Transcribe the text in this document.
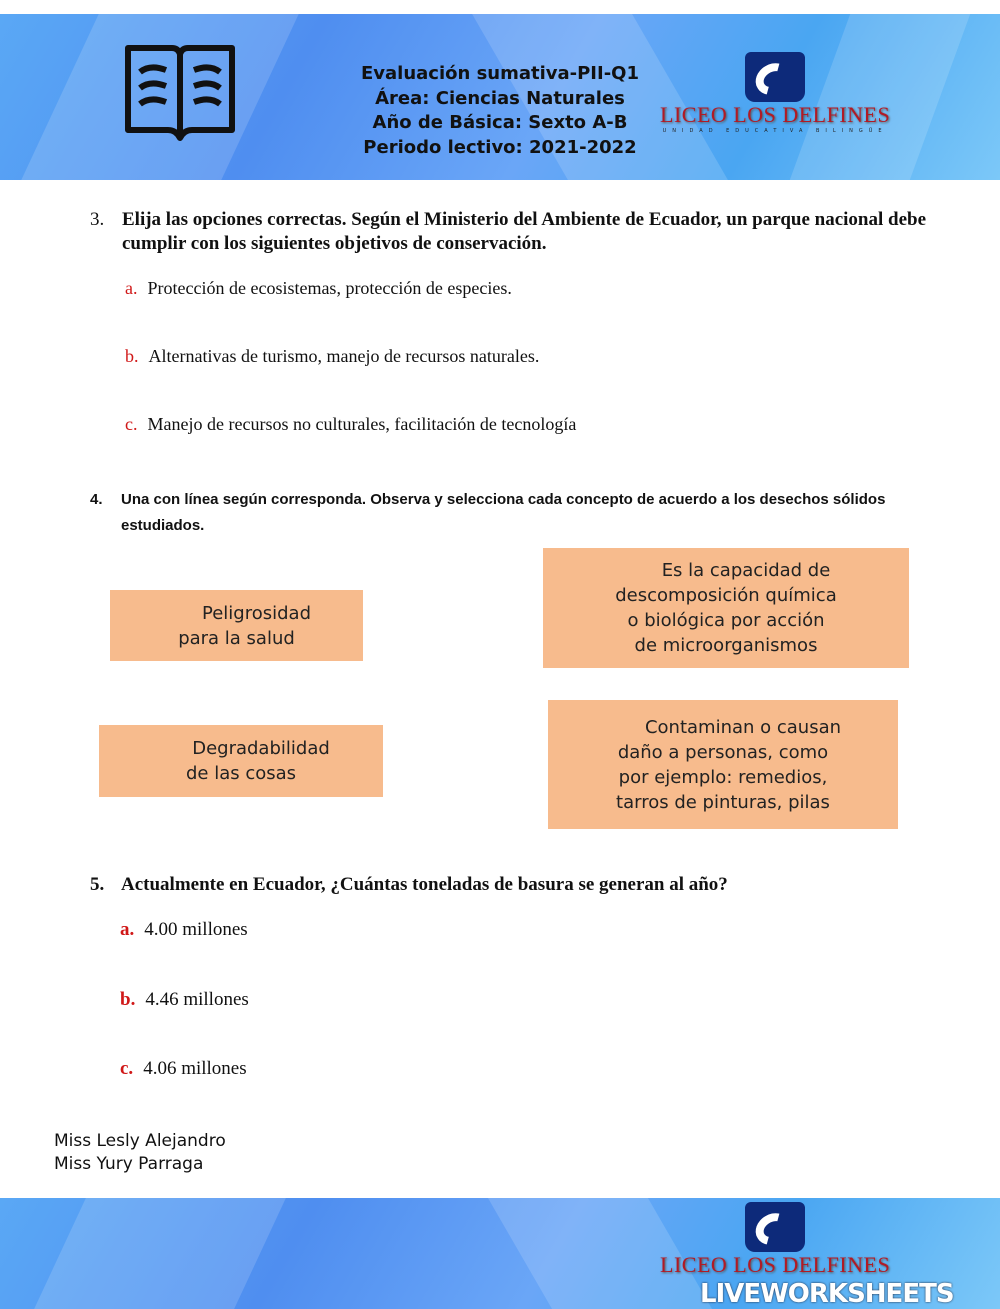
Evaluación sumativa-PII-Q1
Área: Ciencias Naturales
Año de Básica: Sexto A-B
Periodo lectivo: 2021-2022
LICEO LOS DELFINES
UNIDAD EDUCATIVA BILINGÜE
3. Elija las opciones correctas. Según el Ministerio del Ambiente de Ecuador, un parque nacional debe cumplir con los siguientes objetivos de conservación.
a. Protección de ecosistemas, protección de especies.
b. Alternativas de turismo, manejo de recursos naturales.
c. Manejo de recursos no culturales, facilitación de tecnología
4. Una con línea según corresponda. Observa y selecciona cada concepto de acuerdo a los desechos sólidos estudiados.
Peligrosidad
para la salud
Degradabilidad
de las cosas
Es la capacidad de
descomposición química
o biológica por acción
de microorganismos
Contaminan o causan
daño a personas, como
por ejemplo: remedios,
tarros de pinturas, pilas
5. Actualmente en Ecuador, ¿Cuántas toneladas de basura se generan al año?
a. 4.00 millones
b. 4.46 millones
c. 4.06 millones
Miss Lesly Alejandro
Miss Yury Parraga
LICEO LOS DELFINES
LIVEWORKSHEETS
